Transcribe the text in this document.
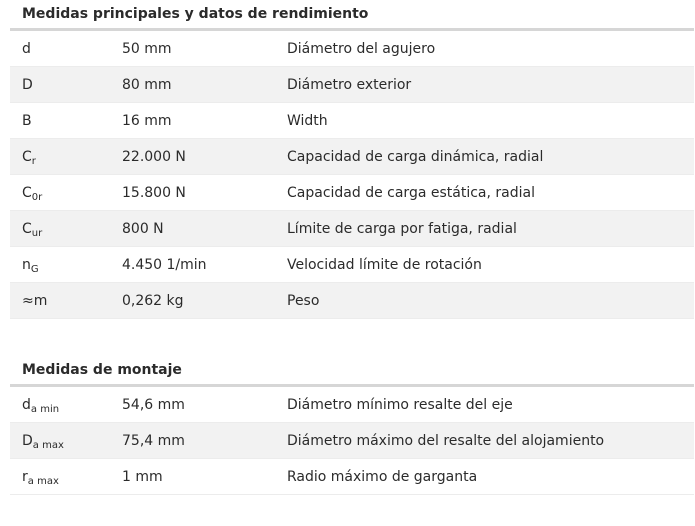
Medidas principales y datos de rendimiento
d	50 mm	Diámetro del agujero
D	80 mm	Diámetro exterior
B	16 mm	Width
$C_r$	22.000 N	Capacidad de carga dinámica, radial
$C_{0r}$	15.800 N	Capacidad de carga estática, radial
$C_{ur}$	800 N	Límite de carga por fatiga, radial
$n_G$	4.450 1/min	Velocidad límite de rotación
≈m	0,262 kg	Peso
Medidas de montaje
$d_{a min}$	54,6 mm	Diámetro mínimo resalte del eje
$D_{a max}$	75,4 mm	Diámetro máximo del resalte del alojamiento
$r_{a max}$	1 mm	Radio máximo de garganta
